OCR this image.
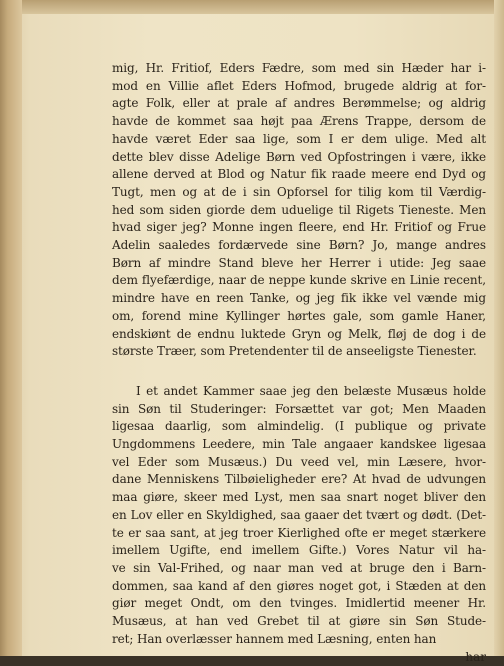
mig, Hr. Fritiof, Eders Fædre, som med sin Hæder har i-
mod en Villie aflet Eders Hofmod, brugede aldrig at for-
agte Folk, eller at prale af andres Berømmelse; og aldrig
havde de kommet saa højt paa Ærens Trappe, dersom de
havde været Eder saa lige, som I er dem ulige. Med alt
dette blev disse Adelige Børn ved Opfostringen i være, ikke
allene derved at Blod og Natur fik raade meere end Dyd og
Tugt, men og at de i sin Opforsel for tilig kom til Værdig-
hed som siden giorde dem uduelige til Rigets Tieneste. Men
hvad siger jeg? Monne ingen fleere, end Hr. Fritiof og Frue
Adelin saaledes fordærvede sine Børn? Jo, mange andres
Børn af mindre Stand bleve her Herrer i utide: Jeg saae
dem flyefærdige, naar de neppe kunde skrive en Linie recent,
mindre have en reen Tanke, og jeg fik ikke vel vænde mig
om, forend mine Kyllinger hørtes gale, som gamle Haner,
endskiønt de endnu luktede Gryn og Melk, fløj de dog i de
største Træer, som Pretendenter til de anseeligste Tienester.
I et andet Kammer saae jeg den belæste Musæus holde
sin Søn til Studeringer: Forsættet var got; Men Maaden
ligesaa daarlig, som almindelig. (I publique og private
Ungdommens Leedere, min Tale angaaer kandskee ligesaa
vel Eder som Musæus.) Du veed vel, min Læsere, hvor-
dane Menniskens Tilbøieligheder ere? At hvad de udvungen
maa giøre, skeer med Lyst, men saa snart noget bliver den
en Lov eller en Skyldighed, saa gaaer det tvært og dødt. (Det-
te er saa sant, at jeg troer Kierlighed ofte er meget stærkere
imellem Ugifte, end imellem Gifte.) Vores Natur vil ha-
ve sin Val-Frihed, og naar man ved at bruge den i Barn-
dommen, saa kand af den giøres noget got, i Stæden at den
giør meget Ondt, om den tvinges. Imidlertid meener Hr.
Musæus, at han ved Grebet til at giøre sin Søn Stude-
ret; Han overlæsser hannem med Læsning, enten han
har
